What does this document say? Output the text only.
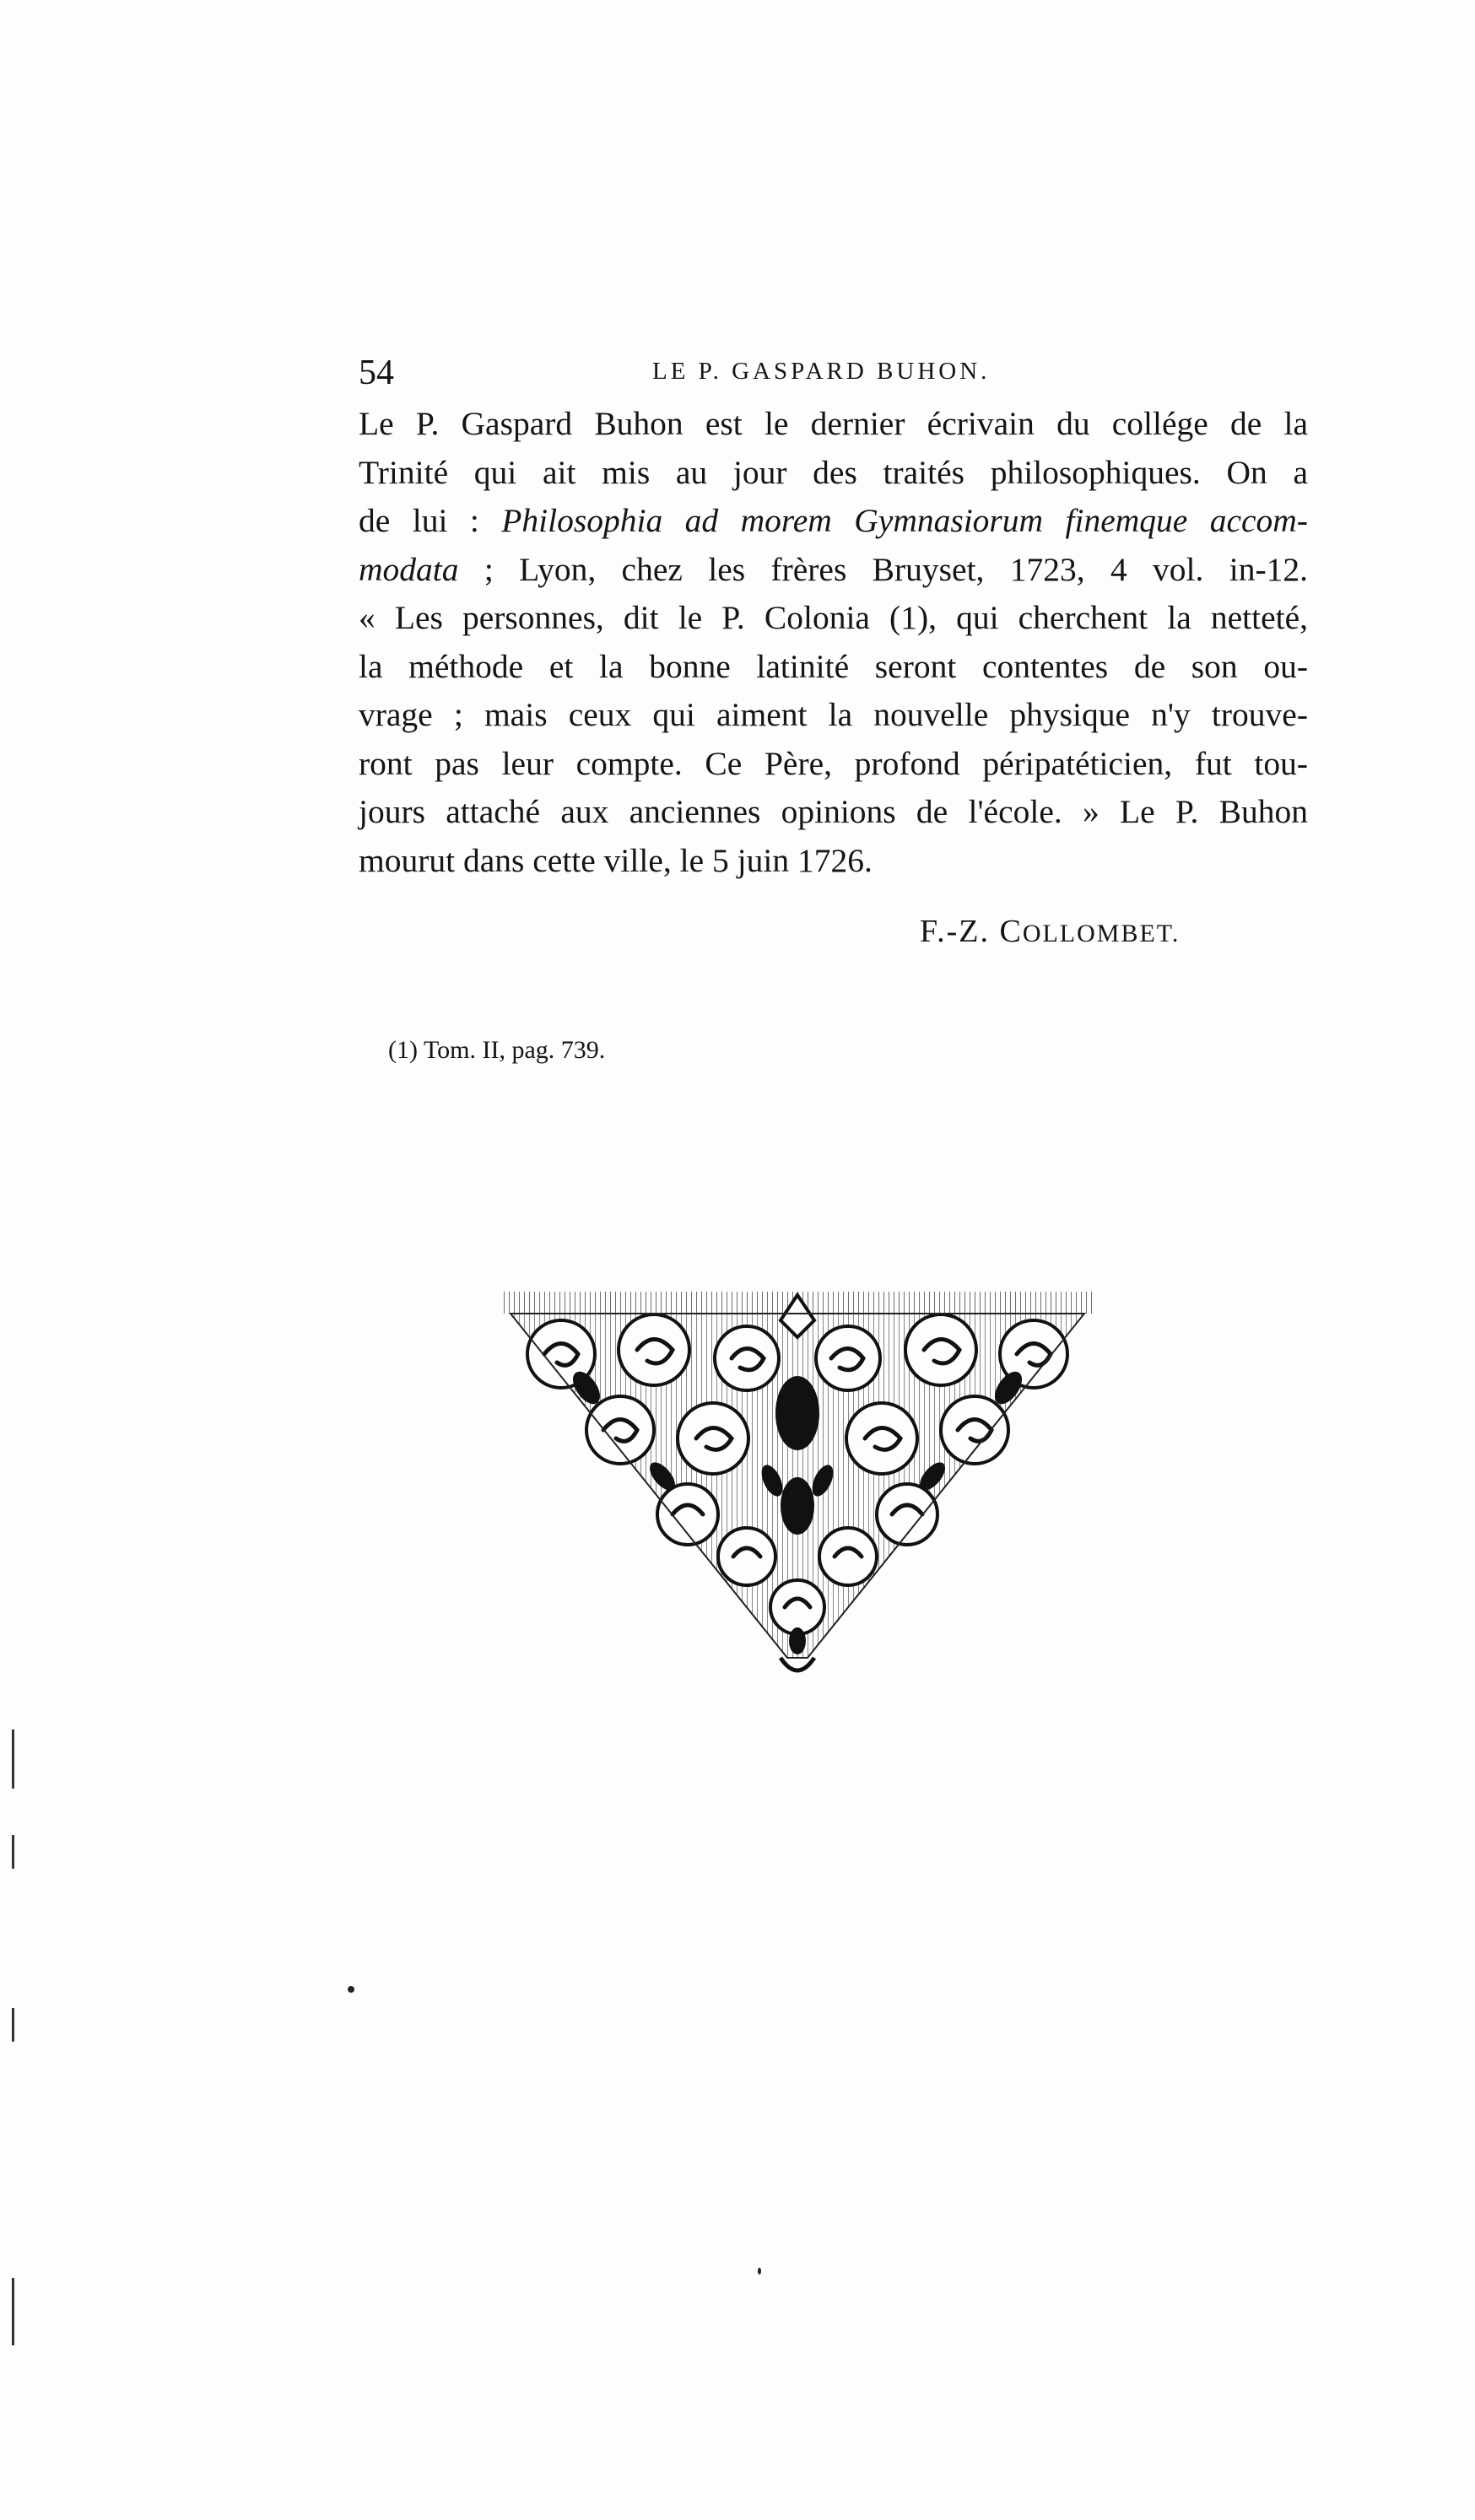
54	LE P. GASPARD BUHON.
Le P. Gaspard Buhon est le dernier écrivain du collége de la
Trinité qui ait mis au jour des traités philosophiques. On a
de lui : Philosophia ad morem Gymnasiorum finemque accom-
modata ; Lyon, chez les frères Bruyset, 1723, 4 vol. in-12.
« Les personnes, dit le P. Colonia (1), qui cherchent la netteté,
la méthode et la bonne latinité seront contentes de son ou-
vrage ; mais ceux qui aiment la nouvelle physique n'y trouve-
ront pas leur compte. Ce Père, profond péripatéticien, fut tou-
jours attaché aux anciennes opinions de l'école. » Le P. Buhon
mourut dans cette ville, le 5 juin 1726.
F.-Z. COLLOMBET.
(1) Tom. II, pag. 739.
